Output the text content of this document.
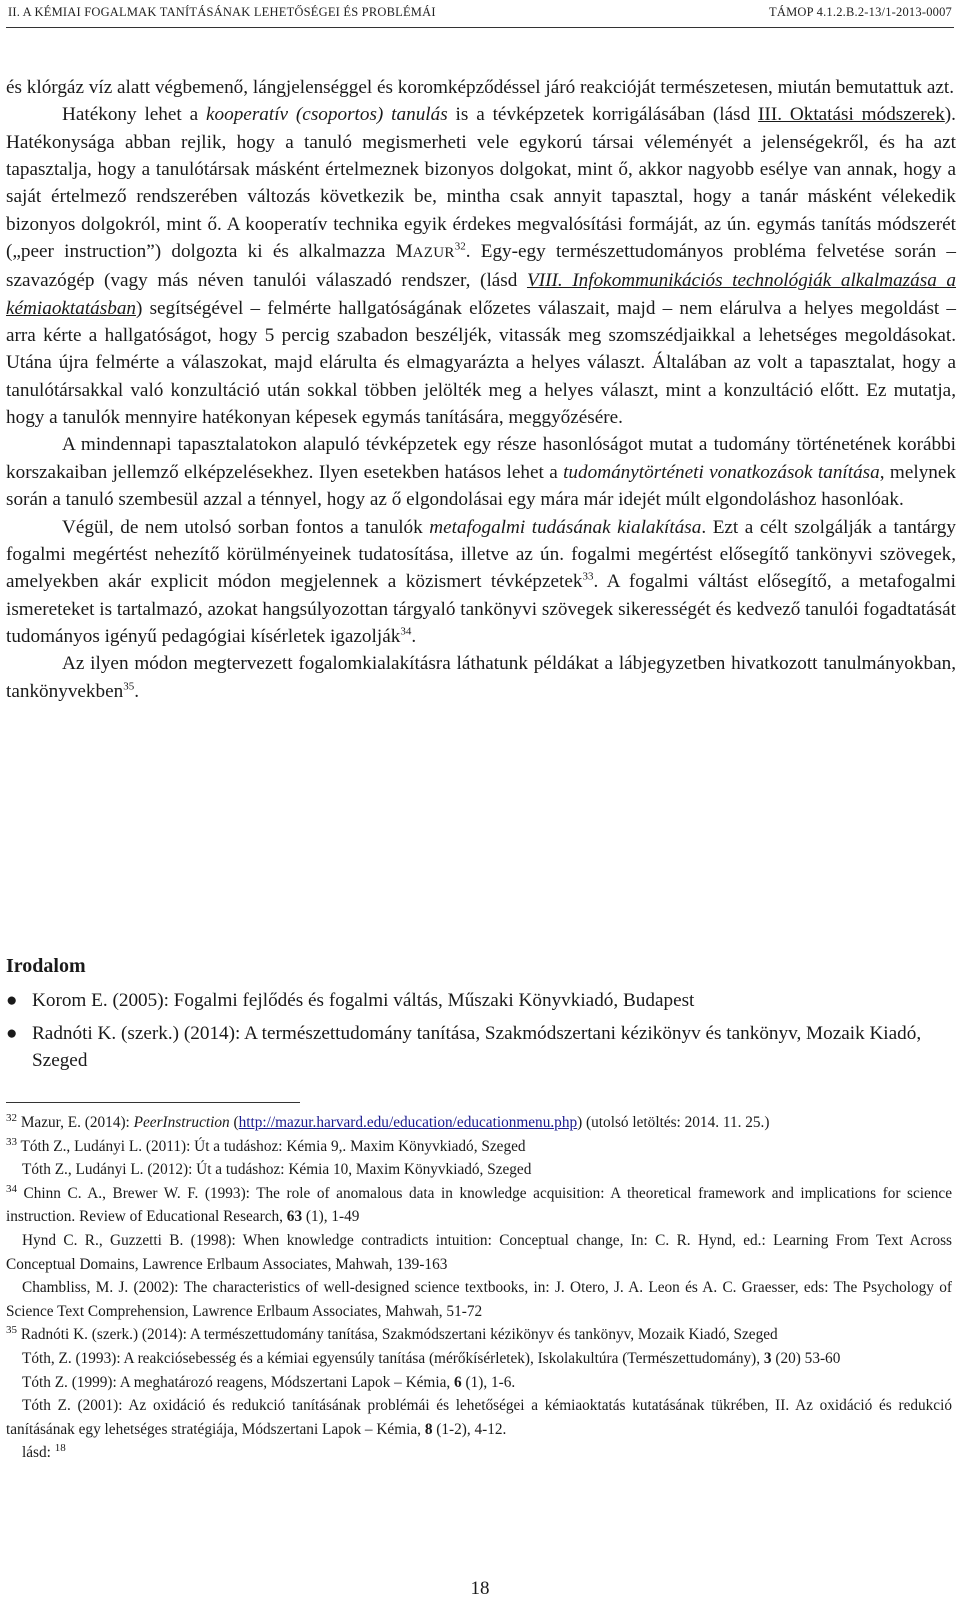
II. A KÉMIAI FOGALMAK TANÍTÁSÁNAK LEHETŐSÉGEI ÉS PROBLÉMÁI	TÁMOP 4.1.2.B.2-13/1-2013-0007

és klórgáz víz alatt végbemenő, lángjelenséggel és koromképződéssel járó reakcióját természetesen, miután bemutattuk azt.

Hatékony lehet a kooperatív (csoportos) tanulás is a tévképzetek korrigálásában (lásd III. Oktatási módszerek). Hatékonysága abban rejlik, hogy a tanuló megismerheti vele egykorú társai véleményét a jelenségekről, és ha azt tapasztalja, hogy a tanulótársak másként értelmeznek bizonyos dolgokat, mint ő, akkor nagyobb esélye van annak, hogy a saját értelmező rendszerében változás következik be, mintha csak annyit tapasztal, hogy a tanár másként vélekedik bizonyos dolgokról, mint ő. A kooperatív technika egyik érdekes megvalósítási formáját, az ún. egymás tanítás módszerét („peer instruction”) dolgozta ki és alkalmazza MAZUR$^{32}$. Egy-egy természettudományos probléma felvetése során – szavazógép (vagy más néven tanulói válaszadó rendszer, (lásd VIII. Infokommunikációs technológiák alkalmazása a kémiaoktatásban) segítségével – felmérte hallgatóságának előzetes válaszait, majd – nem elárulva a helyes megoldást – arra kérte a hallgatóságot, hogy 5 percig szabadon beszéljék, vitassák meg szomszédjaikkal a lehetséges megoldásokat. Utána újra felmérte a válaszokat, majd elárulta és elmagyarázta a helyes választ. Általában az volt a tapasztalat, hogy a tanulótársakkal való konzultáció után sokkal többen jelölték meg a helyes választ, mint a konzultáció előtt. Ez mutatja, hogy a tanulók mennyire hatékonyan képesek egymás tanítására, meggyőzésére.

A mindennapi tapasztalatokon alapuló tévképzetek egy része hasonlóságot mutat a tudomány történetének korábbi korszakaiban jellemző elképzelésekhez. Ilyen esetekben hatásos lehet a tudománytörténeti vonatkozások tanítása, melynek során a tanuló szembesül azzal a ténnyel, hogy az ő elgondolásai egy mára már idejét múlt elgondoláshoz hasonlóak.

Végül, de nem utolsó sorban fontos a tanulók metafogalmi tudásának kialakítása. Ezt a célt szolgálják a tantárgy fogalmi megértést nehezítő körülményeinek tudatosítása, illetve az ún. fogalmi megértést elősegítő tankönyvi szövegek, amelyekben akár explicit módon megjelennek a közismert tévképzetek$^{33}$. A fogalmi váltást elősegítő, a metafogalmi ismereteket is tartalmazó, azokat hangsúlyozottan tárgyaló tankönyvi szövegek sikerességét és kedvező tanulói fogadtatását tudományos igényű pedagógiai kísérletek igazolják$^{34}$.

Az ilyen módon megtervezett fogalomkialakításra láthatunk példákat a lábjegyzetben hivatkozott tanulmányokban, tankönyvekben$^{35}$.

Irodalom
● Korom E. (2005): Fogalmi fejlődés és fogalmi váltás, Műszaki Könyvkiadó, Budapest
● Radnóti K. (szerk.) (2014): A természettudomány tanítása, Szakmódszertani kézikönyv és tankönyv, Mozaik Kiadó, Szeged

$^{32}$ Mazur, E. (2014): PeerInstruction (http://mazur.harvard.edu/education/educationmenu.php) (utolsó letöltés: 2014. 11. 25.)

$^{33}$ Tóth Z., Ludányi L. (2011): Út a tudáshoz: Kémia 9,. Maxim Könyvkiadó, Szeged

Tóth Z., Ludányi L. (2012): Út a tudáshoz: Kémia 10, Maxim Könyvkiadó, Szeged

$^{34}$ Chinn C. A., Brewer W. F. (1993): The role of anomalous data in knowledge acquisition: A theoretical framework and implications for science instruction. Review of Educational Research, 63 (1), 1-49

Hynd C. R., Guzzetti B. (1998): When knowledge contradicts intuition: Conceptual change, In: C. R. Hynd, ed.: Learning From Text Across Conceptual Domains, Lawrence Erlbaum Associates, Mahwah, 139-163

Chambliss, M. J. (2002): The characteristics of well-designed science textbooks, in: J. Otero, J. A. Leon és A. C. Graesser, eds: The Psychology of Science Text Comprehension, Lawrence Erlbaum Associates, Mahwah, 51-72

$^{35}$ Radnóti K. (szerk.) (2014): A természettudomány tanítása, Szakmódszertani kézikönyv és tankönyv, Mozaik Kiadó, Szeged

Tóth, Z. (1993): A reakciósebesség és a kémiai egyensúly tanítása (mérőkísérletek), Iskolakultúra (Természettudomány), 3 (20) 53-60

Tóth Z. (1999): A meghatározó reagens, Módszertani Lapok – Kémia, 6 (1), 1-6.

Tóth Z. (2001): Az oxidáció és redukció tanításának problémái és lehetőségei a kémiaoktatás kutatásának tükrében, II. Az oxidáció és redukció tanításának egy lehetséges stratégiája, Módszertani Lapok – Kémia, 8 (1-2), 4-12.

lásd: $^{18}$

18
